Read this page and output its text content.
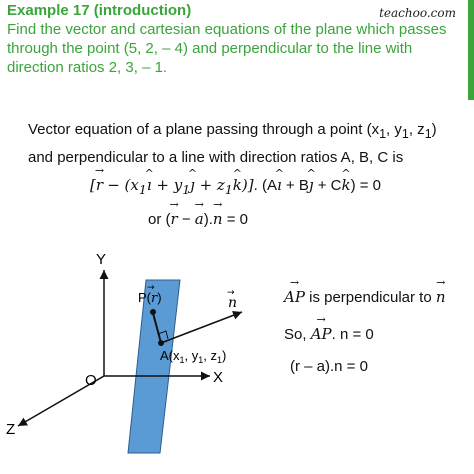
teachoo.com
Example 17 (introduction)
Find the vector and cartesian equations of the plane which passes through the point (5, 2, – 4) and perpendicular to the line with direction ratios 2, 3, – 1.
Vector equation of a plane passing through a point ($x_1$, $y_1$, $z_1$)
and perpendicular to a line with direction ratios A, B, C is
[→ $r - (x_1\^{}$ ı + $y_1\^{}$ ȷ + $z_1\^{}$ k)]. (A^ ı + B^ ȷ + C^ k) = 0
or (→ r − → a).→ n = 0
Y
X
Z
O
P(r)
→
$A(x_1$, $y_1$, $z_1$)
n
→	→ AP is perpendicular to → n
So, → AP. n = 0
(r – a).n = 0
